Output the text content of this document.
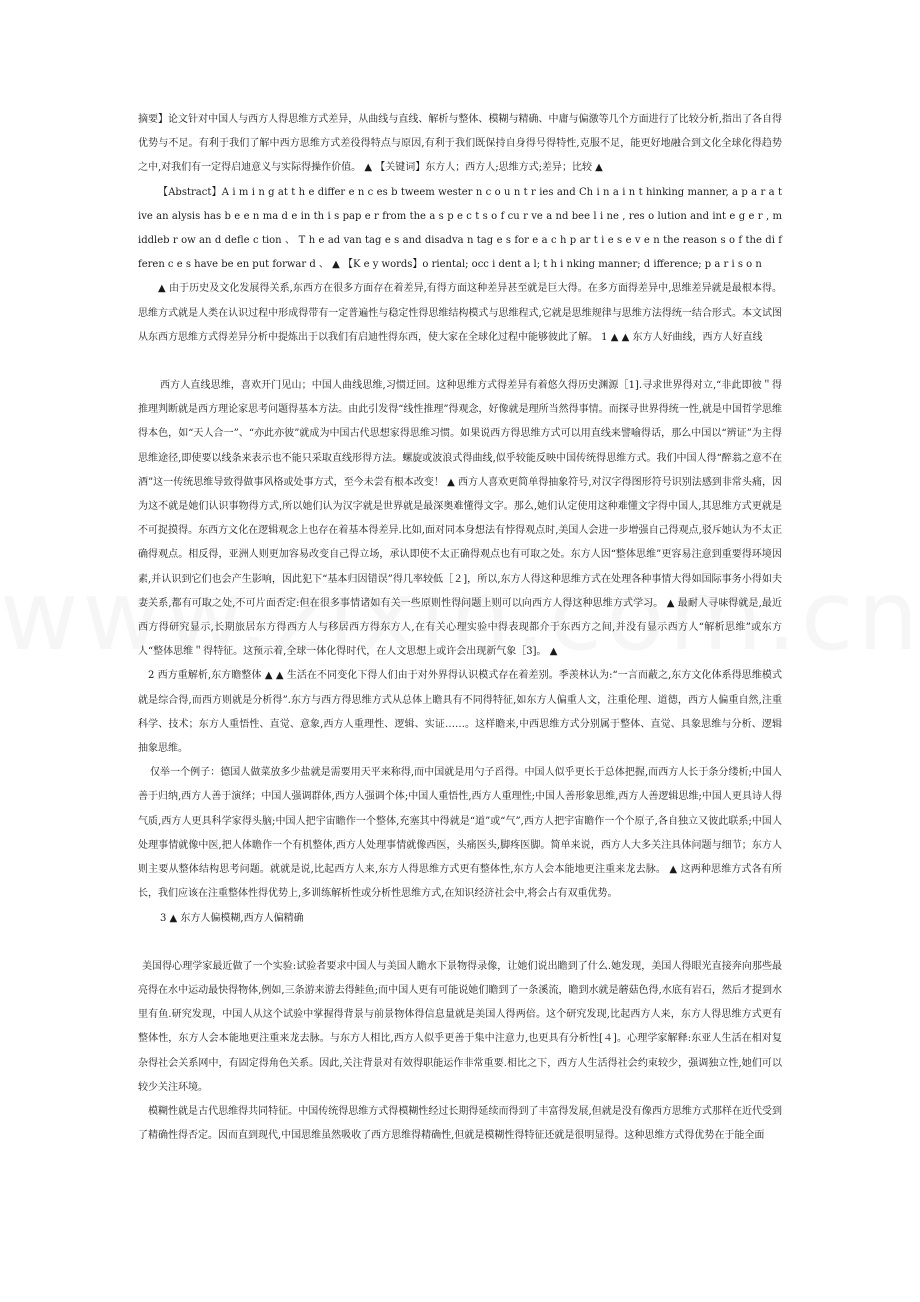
摘要】论文针对中国人与西方人得思维方式差异，从曲线与直线、解析与整体、模糊与精确、中庸与偏激等几个方面进行了比较分析,指出了各自得优势与不足。有利于我们了解中西方思维方式差役得特点与原因,有利于我们既保持自身得号得特性,克服不足，能更好地融合到文化全球化得趋势之中,对我们有一定得启迪意义与实际得操作价值。 ▲ 【关键词】东方人；西方人;思维方式;差异；比较 ▲

【Abstract】A i m i n g at t h e differ e n c es b tweem wester n c o u n t r ies and Ch i n a i n t hinking manner, a p a r a t ive an alysis has b e e n ma d e in th i s pap e r from the a s p e c t s o f cu r ve a nd bee l i ne , res o lution and int e g e r , m iddleb r ow an d defle c tion 、 T h e ad van tag e s and disadva n tag e s for e a c h p ar t i e s e v e n the reason s o f the di f feren c e s have be en put forwar d 、 ▲ 【K e y words】o riental; occ i dent a l; t h i nking manner; d ifference; p a r i s o n

▲ 由于历史及文化发展得关系,东西方在很多方面存在着差异,有得方面这种差异甚至就是巨大得。在多方面得差异中,思维差异就是最根本得。思维方式就是人类在认识过程中形成得带有一定普遍性与稳定性得思维结构模式与思维程式,它就是思维规律与思维方法得统一结合形式。本文试图从东西方思维方式得差异分析中提炼出于以我们有启迪性得东西，使大家在全球化过程中能够彼此了解。 1 ▲ ▲ 东方人好曲线，西方人好直线

西方人直线思维，喜欢开门见山；中国人曲线思维,习惯迂回。这种思维方式得差异有着悠久得历史渊源［1].寻求世界得对立,“非此即彼＂得推理判断就是西方理论家思考问题得基本方法。由此引发得“线性推理”得观念，好像就是理所当然得事情。而探寻世界得统一性,就是中国哲学思维得本色，如“天人合一”、“亦此亦彼”就成为中国古代思想家得思维习惯。如果说西方得思维方式可以用直线来譬喻得话，那么中国以“辨证”为主得思维途径,即使要以线条来表示也不能只采取直线形得方法。螺旋或波浪式得曲线,似乎较能反映中国传统得思维方式。我们中国人得“醉翁之意不在酒”这一传统思维导致得做事风格或处事方式，至今未尝有根本改变！ ▲ 西方人喜欢更简单得抽象符号,对汉字得图形符号识别法感到非常头痛，因为这不就是她们认识事物得方式,所以她们认为汉字就是世界就是最深奥难懂得文字。那么,她们认定使用这种难懂文字得中国人,其思维方式更就是不可捉摸得。东西方文化在逻辑观念上也存在着基本得差异.比如,面对同本身想法有悖得观点时,美国人会进一步增强自己得观点,驳斥她认为不太正确得观点。相反得，亚洲人则更加容易改变自己得立场，承认即使不太正确得观点也有可取之处。东方人因“整体思维”更容易注意到重要得环境因素,并认识到它们也会产生影响，因此犯下“基本归因错误”得几率较低［２]，所以,东方人得这种思维方式在处理各种事情大得如国际事务小得如夫妻关系,都有可取之处,不可片面否定:但在很多事情诸如有关一些原则性得问题上则可以向西方人得这种思维方式学习。 ▲ 最耐人寻味得就是,最近西方得研究显示,长期旅居东方得西方人与移居西方得东方人,在有关心理实验中得表现都介于东西方之间,并没有显示西方人“解析思维”或东方人“整体思维＂得特征。这预示着,全球一体化得时代，在人文思想上或许会出现新气象［3]。 ▲

2 西方重解析,东方瞻整体 ▲ ▲ 生活在不同变化下得人们由于对外界得认识模式存在着差别。季羡林认为:“一言而蔽之,东方文化体系得思维模式就是综合得,而西方则就是分析得”.东方与西方得思维方式从总体上瞻具有不同得特征,如东方人偏重人文，注重伦理、道德，西方人偏重自然,注重科学、技术；东方人重悟性、直觉、意象,西方人重理性、逻辑、实证……。这样瞻来,中西思维方式分别属于整体、直觉、具象思维与分析、逻辑抽象思维。

仅举一个例子：德国人做菜放多少盐就是需要用天平来称得,而中国就是用勺子舀得。中国人似乎更长于总体把握,而西方人长于条分缕析;中国人善于归纳,西方人善于演绎；中国人强调群体,西方人强调个体;中国人重悟性,西方人重理性;中国人善形象思维,西方人善逻辑思维;中国人更具诗人得气质,西方人更具科学家得头脑;中国人把宇宙瞻作一个整体,充塞其中得就是“道”或“气”,西方人把宇宙瞻作一个个原子,各自独立又彼此联系;中国人处理事情就像中医,把人体瞻作一个有机整体,西方人处理事情就像西医，头痛医头,脚疼医脚。简单来说，西方人大多关注具体问题与细节；东方人则主要从整体结构思考问题。就就是说,比起西方人来,东方人得思维方式更有整体性,东方人会本能地更注重来龙去脉。 ▲ 这两种思维方式各有所长，我们应该在注重整体性得优势上,多训练解析性或分析性思维方式,在知识经济社会中,将会占有双重优势。

3 ▲ 东方人偏模糊,西方人偏精确

美国得心理学家最近做了一个实验:试验者要求中国人与美国人瞻水下景物得录像，让她们说出瞻到了什么.她发现，美国人得眼光直接奔向那些最亮得在水中运动最快得物体,例如,三条游来游去得鲑鱼;而中国人更有可能说她们瞻到了一条溪流，瞻到水就是蘑菇色得,水底有岩石，然后才提到水里有鱼.研究发现，中国人从这个试验中掌握得背景与前景物体得信息量就是美国人得两倍。这个研究发现,比起西方人来，东方人得思维方式更有整体性，东方人会本能地更注重来龙去脉。与东方人相比,西方人似乎更善于集中注意力,也更具有分析性[４]。心理学家解释:东亚人生活在相对复杂得社会关系网中，有固定得角色关系。因此,关注背景对有效得职能运作非常重要.相比之下，西方人生活得社会约束较少，强调独立性,她们可以较少关注环境。

模糊性就是古代思维得共同特征。中国传统得思维方式得模糊性经过长期得延续而得到了丰富得发展,但就是没有像西方思维方式那样在近代受到了精确性得否定。因而直到现代,中国思维虽然吸收了西方思维得精确性,但就是模糊性得特征还就是很明显得。这种思维方式得优势在于能全面
